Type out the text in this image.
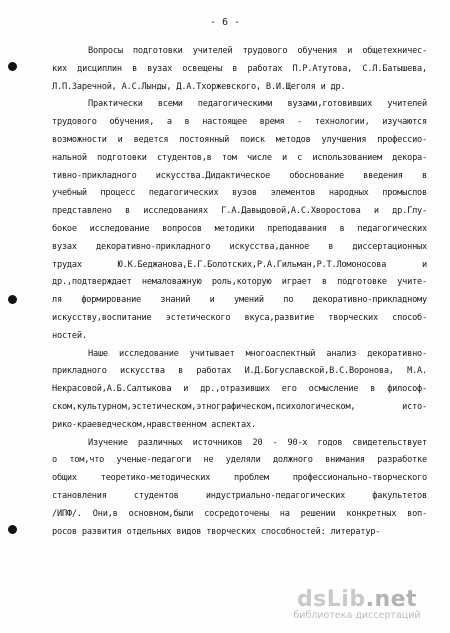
- 6 -
Вопросы подготовки учителей трудового обучения и общетехничес-
ких дисциплин в вузах освещены в работах П.Р.Атутова, С.Л.Батышева,
Л.П.Заречной, А.С.Лынды, Д.А.Тхоржевского, В.И.Щеголя и др.
Практически всеми педагогическими вузами,готовивших учителей
трудового обучения, а в настоящее время - технологии, изучаются
возможности и ведется постоянный поиск методов улучшения профессио-
нальной подготовки студентов,в том числе и с использованием декора-
тивно-прикладного искусства.Дидактическое обоснование введения в
учебный процесс педагогических вузов элементов народных промыслов
представлено в исследованиях Г.А.Давыдовой,А.С.Хворостова и др.Глу-
бокое исследование вопросов методики преподавания в педагогических
вузах декоративно-прикладного искусства,данное в диссертационных
трудах Ю.К.Беджанова,Е.Г.Болотских,Р.А.Гильман,Р.Т.Ломоносова и
др.,подтверждает немаловажную роль,которую играет в подготовке учите-
ля формирование знаний и умений по декоративно-прикладному
искусству,воспитание эстетического вкуса,развитие творческих способ-
ностей.
Наше исследование учитывает многоаспектный анализ декоративно-
прикладного искусства в работах И.Д.Богуславской,В.С.Воронова, М.А.
Некрасовой,А.Б.Салтыкова и др.,отразивших его осмысление в философ-
ском,культурном,эстетическом,этнографическом,психологическом, исто-
рико-краеведческом,нравственном аспектах.
Изучение различных источников 20 - 90-х годов свидетельствует
о том,что ученые-педагоги не уделяли должного внимания разработке
общих теоретико-методических проблем профессионально-творческого
становления студентов индустриально-педагогических факультетов
/ИПФ/. Они,в основном,были сосредоточены на решении конкретных воп-
росов развития отдельных видов творческих способностей: литератур-
dsLib.net
библиотека диссертаций
